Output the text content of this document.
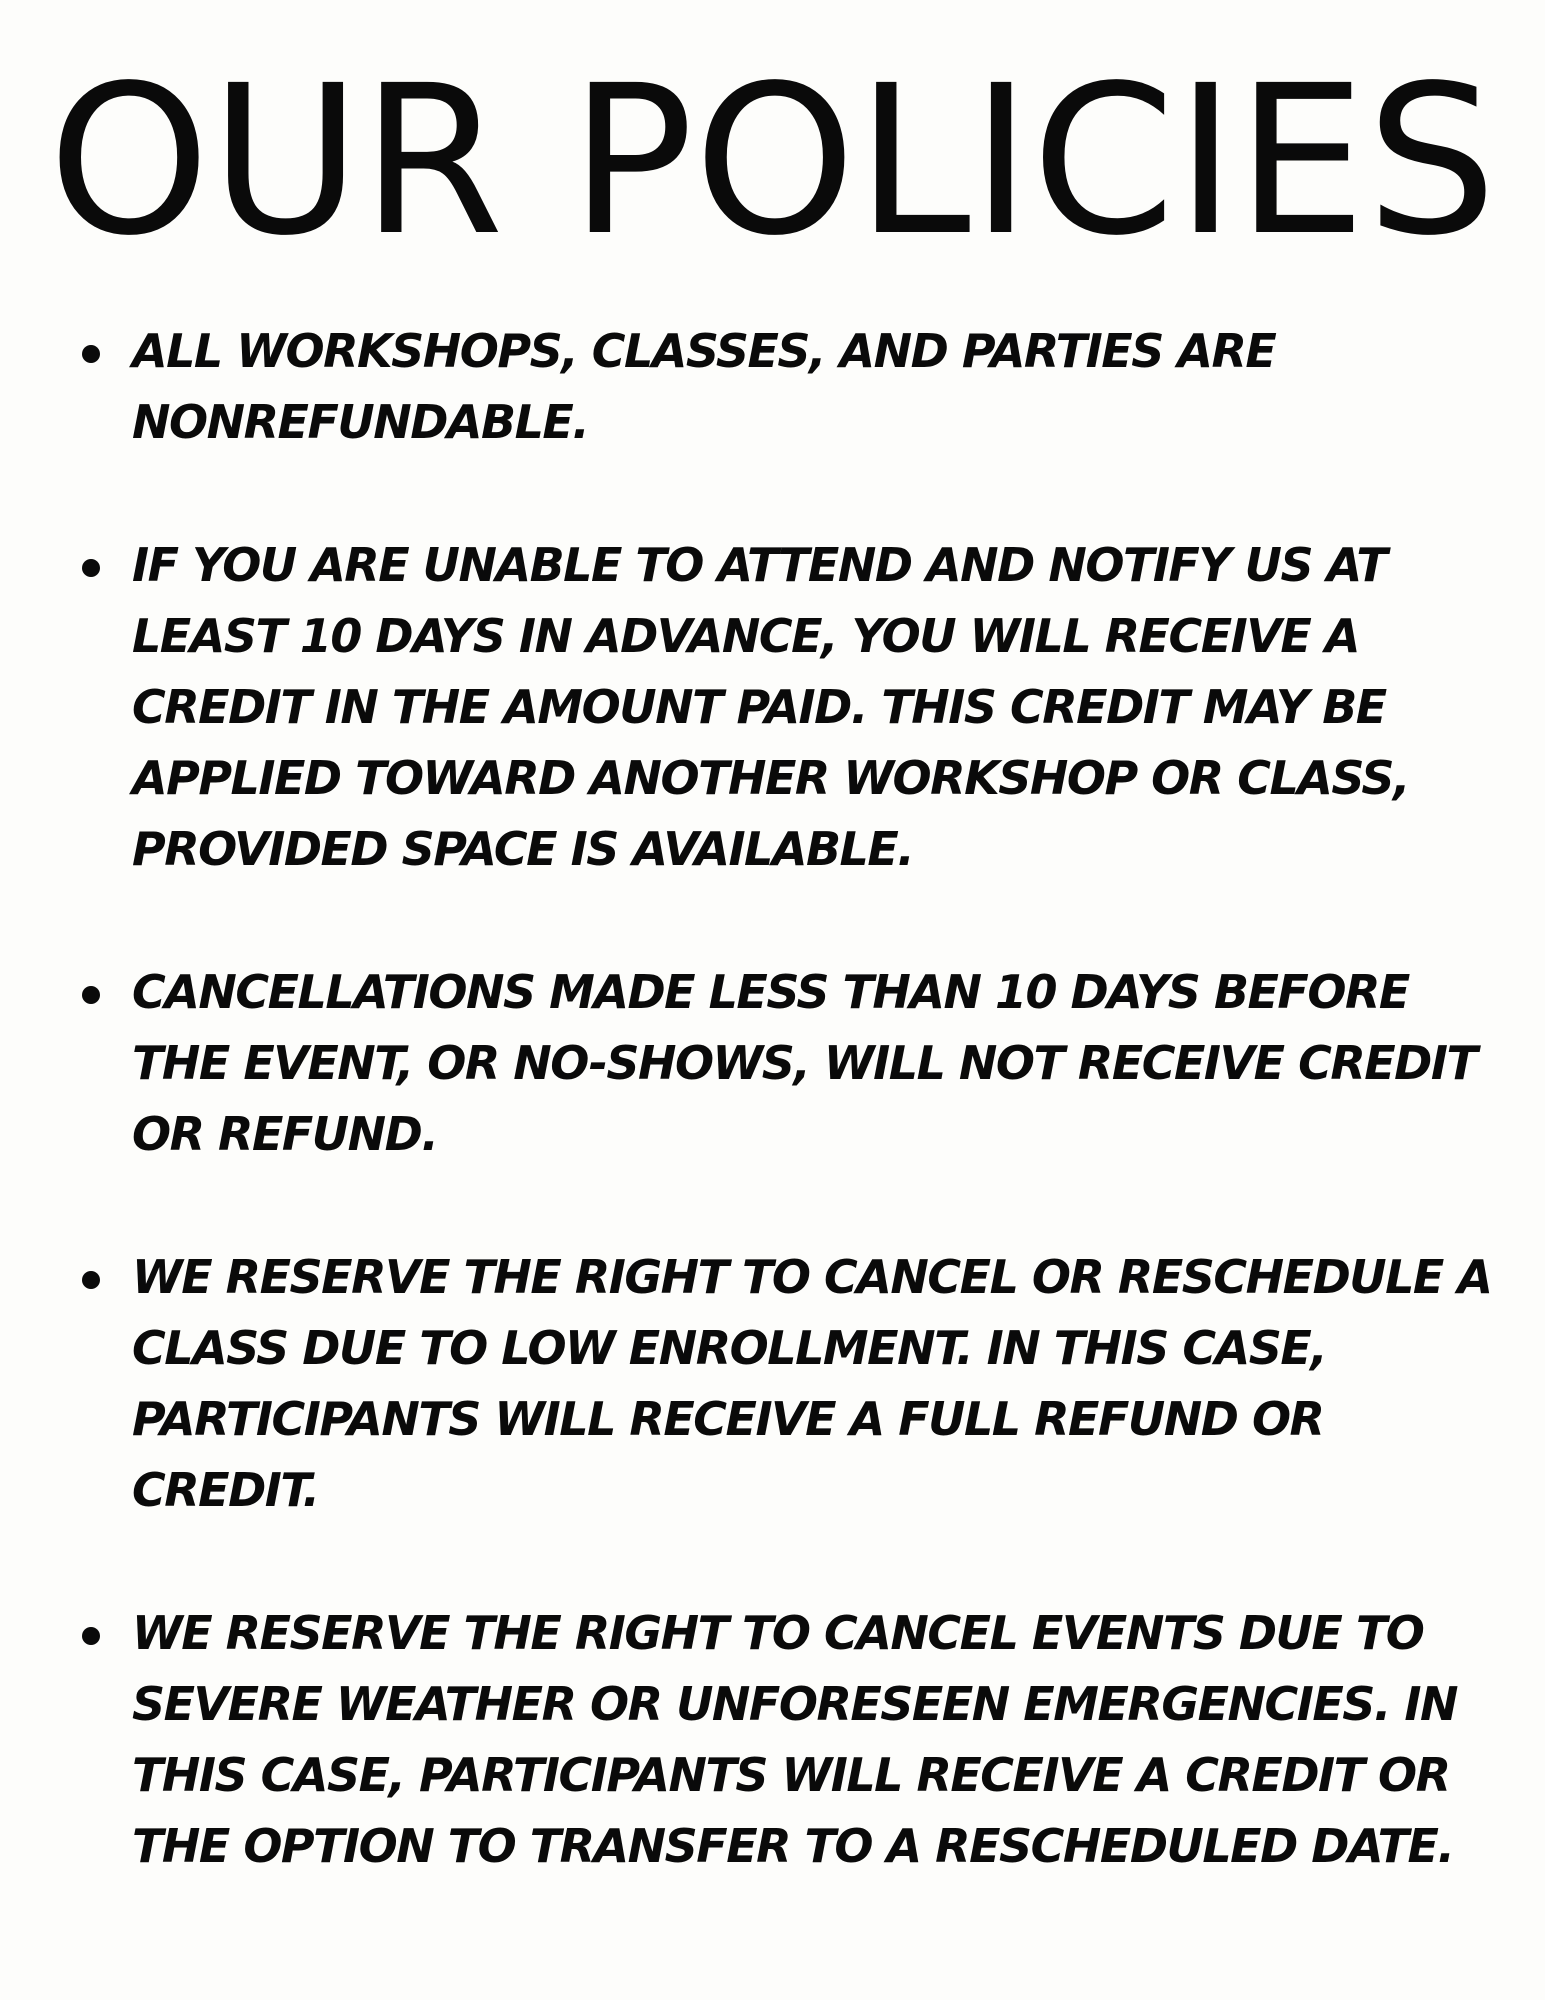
OUR POLICIES
ALL WORKSHOPS, CLASSES, AND PARTIES ARE NONREFUNDABLE.
IF YOU ARE UNABLE TO ATTEND AND NOTIFY US AT LEAST 10 DAYS IN ADVANCE, YOU WILL RECEIVE A CREDIT IN THE AMOUNT PAID. THIS CREDIT MAY BE APPLIED TOWARD ANOTHER WORKSHOP OR CLASS, PROVIDED SPACE IS AVAILABLE.
CANCELLATIONS MADE LESS THAN 10 DAYS BEFORE THE EVENT, OR NO-SHOWS, WILL NOT RECEIVE CREDIT OR REFUND.
WE RESERVE THE RIGHT TO CANCEL OR RESCHEDULE A CLASS DUE TO LOW ENROLLMENT. IN THIS CASE, PARTICIPANTS WILL RECEIVE A FULL REFUND OR CREDIT.
WE RESERVE THE RIGHT TO CANCEL EVENTS DUE TO SEVERE WEATHER OR UNFORESEEN EMERGENCIES. IN THIS CASE, PARTICIPANTS WILL RECEIVE A CREDIT OR THE OPTION TO TRANSFER TO A RESCHEDULED DATE.
